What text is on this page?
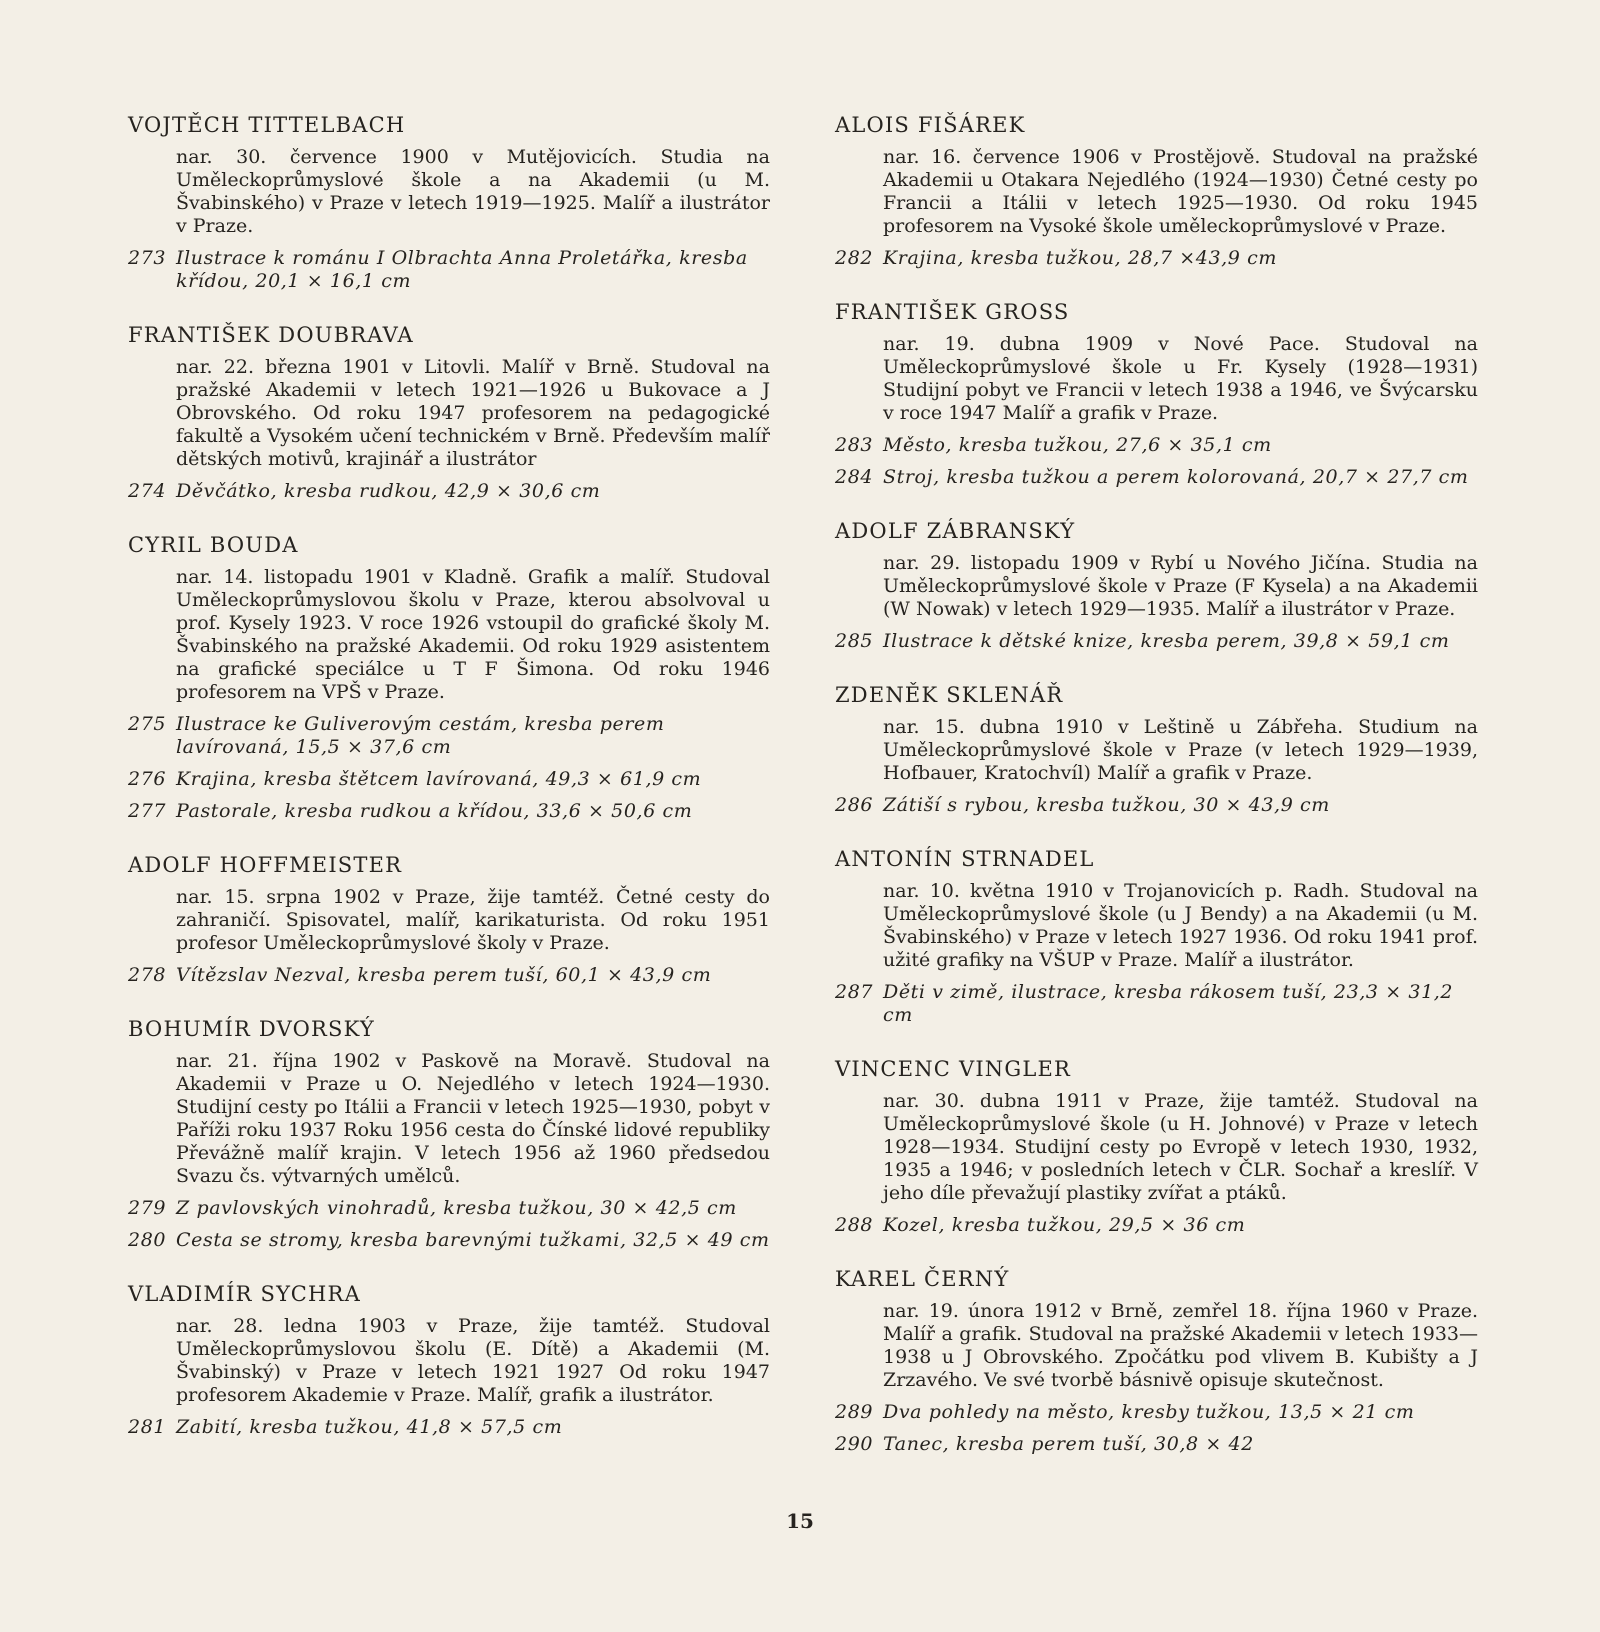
VOJTĚCH TITTELBACH
nar. 30. července 1900 v Mutějovicích. Studia na Uměleckoprůmyslové škole a na Akademii (u M. Švabinského) v Praze v letech 1919—1925. Malíř a ilustrátor v Praze.
273 Ilustrace k románu I Olbrachta Anna Proletářka, kresba křídou, 20,1 × 16,1 cm
FRANTIŠEK DOUBRAVA
nar. 22. března 1901 v Litovli. Malíř v Brně. Studoval na pražské Akademii v letech 1921—1926 u Bukovace a J Obrovského. Od roku 1947 profesorem na pedagogické fakultě a Vysokém učení technickém v Brně. Především malíř dětských motivů, krajinář a ilustrátor
274 Děvčátko, kresba rudkou, 42,9 × 30,6 cm
CYRIL BOUDA
nar. 14. listopadu 1901 v Kladně. Grafik a malíř. Studoval Uměleckoprůmyslovou školu v Praze, kterou absolvoval u prof. Kysely 1923. V roce 1926 vstoupil do grafické školy M. Švabinského na pražské Akademii. Od roku 1929 asistentem na grafické speciálce u T F Šimona. Od roku 1946 profesorem na VPŠ v Praze.
275 Ilustrace ke Guliverovým cestám, kresba perem lavírovaná, 15,5 × 37,6 cm
276 Krajina, kresba štětcem lavírovaná, 49,3 × 61,9 cm
277 Pastorale, kresba rudkou a křídou, 33,6 × 50,6 cm
ADOLF HOFFMEISTER
nar. 15. srpna 1902 v Praze, žije tamtéž. Četné cesty do zahraničí. Spisovatel, malíř, karikaturista. Od roku 1951 profesor Uměleckoprůmyslové školy v Praze.
278 Vítězslav Nezval, kresba perem tuší, 60,1 × 43,9 cm
BOHUMÍR DVORSKÝ
nar. 21. října 1902 v Paskově na Moravě. Studoval na Akademii v Praze u O. Nejedlého v letech 1924—1930. Studijní cesty po Itálii a Francii v letech 1925—1930, pobyt v Paříži roku 1937 Roku 1956 cesta do Čínské lidové republiky Převážně malíř krajin. V letech 1956 až 1960 předsedou Svazu čs. výtvarných umělců.
279 Z pavlovských vinohradů, kresba tužkou, 30 × 42,5 cm
280 Cesta se stromy, kresba barevnými tužkami, 32,5 × 49 cm
VLADIMÍR SYCHRA
nar. 28. ledna 1903 v Praze, žije tamtéž. Studoval Uměleckoprůmyslovou školu (E. Dítě) a Akademii (M. Švabinský) v Praze v letech 1921 1927 Od roku 1947 profesorem Akademie v Praze. Malíř, grafik a ilustrátor.
281 Zabití, kresba tužkou, 41,8 × 57,5 cm
ALOIS FIŠÁREK
nar. 16. července 1906 v Prostějově. Studoval na pražské Akademii u Otakara Nejedlého (1924—1930) Četné cesty po Francii a Itálii v letech 1925—1930. Od roku 1945 profesorem na Vysoké škole uměleckoprůmyslové v Praze.
282 Krajina, kresba tužkou, 28,7 ×43,9 cm
FRANTIŠEK GROSS
nar. 19. dubna 1909 v Nové Pace. Studoval na Uměleckoprůmyslové škole u Fr. Kysely (1928—1931) Studijní pobyt ve Francii v letech 1938 a 1946, ve Švýcarsku v roce 1947 Malíř a grafik v Praze.
283 Město, kresba tužkou, 27,6 × 35,1 cm
284 Stroj, kresba tužkou a perem kolorovaná, 20,7 × 27,7 cm
ADOLF ZÁBRANSKÝ
nar. 29. listopadu 1909 v Rybí u Nového Jičína. Studia na Uměleckoprůmyslové škole v Praze (F Kysela) a na Akademii (W Nowak) v letech 1929—1935. Malíř a ilustrátor v Praze.
285 Ilustrace k dětské knize, kresba perem, 39,8 × 59,1 cm
ZDENĚK SKLENÁŘ
nar. 15. dubna 1910 v Leštině u Zábřeha. Studium na Uměleckoprůmyslové škole v Praze (v letech 1929—1939, Hofbauer, Kratochvíl) Malíř a grafik v Praze.
286 Zátiší s rybou, kresba tužkou, 30 × 43,9 cm
ANTONÍN STRNADEL
nar. 10. května 1910 v Trojanovicích p. Radh. Studoval na Uměleckoprůmyslové škole (u J Bendy) a na Akademii (u M. Švabinského) v Praze v letech 1927 1936. Od roku 1941 prof. užité grafiky na VŠUP v Praze. Malíř a ilustrátor.
287 Děti v zimě, ilustrace, kresba rákosem tuší, 23,3 × 31,2 cm
VINCENC VINGLER
nar. 30. dubna 1911 v Praze, žije tamtéž. Studoval na Uměleckoprůmyslové škole (u H. Johnové) v Praze v letech 1928—1934. Studijní cesty po Evropě v letech 1930, 1932, 1935 a 1946; v posledních letech v ČLR. Sochař a kreslíř. V jeho díle převažují plastiky zvířat a ptáků.
288 Kozel, kresba tužkou, 29,5 × 36 cm
KAREL ČERNÝ
nar. 19. února 1912 v Brně, zemřel 18. října 1960 v Praze. Malíř a grafik. Studoval na pražské Akademii v letech 1933—1938 u J Obrovského. Zpočátku pod vlivem B. Kubišty a J Zrzavého. Ve své tvorbě básnivě opisuje skutečnost.
289 Dva pohledy na město, kresby tužkou, 13,5 × 21 cm
290 Tanec, kresba perem tuší, 30,8 × 42
15
